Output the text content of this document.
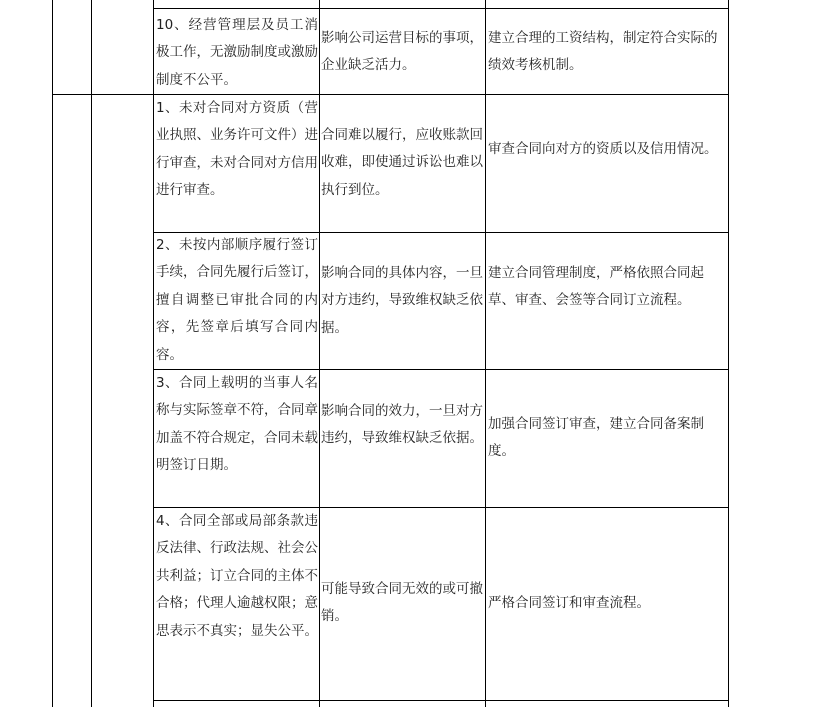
10、经营管理层及员工消极工作，无激励制度或激励制度不公平。

影响公司运营目标的事项，企业缺乏活力。

建立合理的工资结构，制定符合实际的绩效考核机制。

1、未对合同对方资质（营业执照、业务许可文件）进行审查，未对合同对方信用进行审查。

合同难以履行，应收账款回收难，即使通过诉讼也难以执行到位。

审查合同向对方的资质以及信用情况。

2、未按内部顺序履行签订手续，合同先履行后签订，擅自调整已审批合同的内容，先签章后填写合同内容。

影响合同的具体内容，一旦对方违约，导致维权缺乏依据。

建立合同管理制度，严格依照合同起草、审查、会签等合同订立流程。

3、合同上载明的当事人名称与实际签章不符，合同章加盖不符合规定，合同未载明签订日期。

影响合同的效力，一旦对方违约，导致维权缺乏依据。

加强合同签订审查，建立合同备案制度。

4、合同全部或局部条款违反法律、行政法规、社会公共利益；订立合同的主体不合格；代理人逾越权限；意思表示不真实；显失公平。

可能导致合同无效的或可撤销。

严格合同签订和审查流程。
